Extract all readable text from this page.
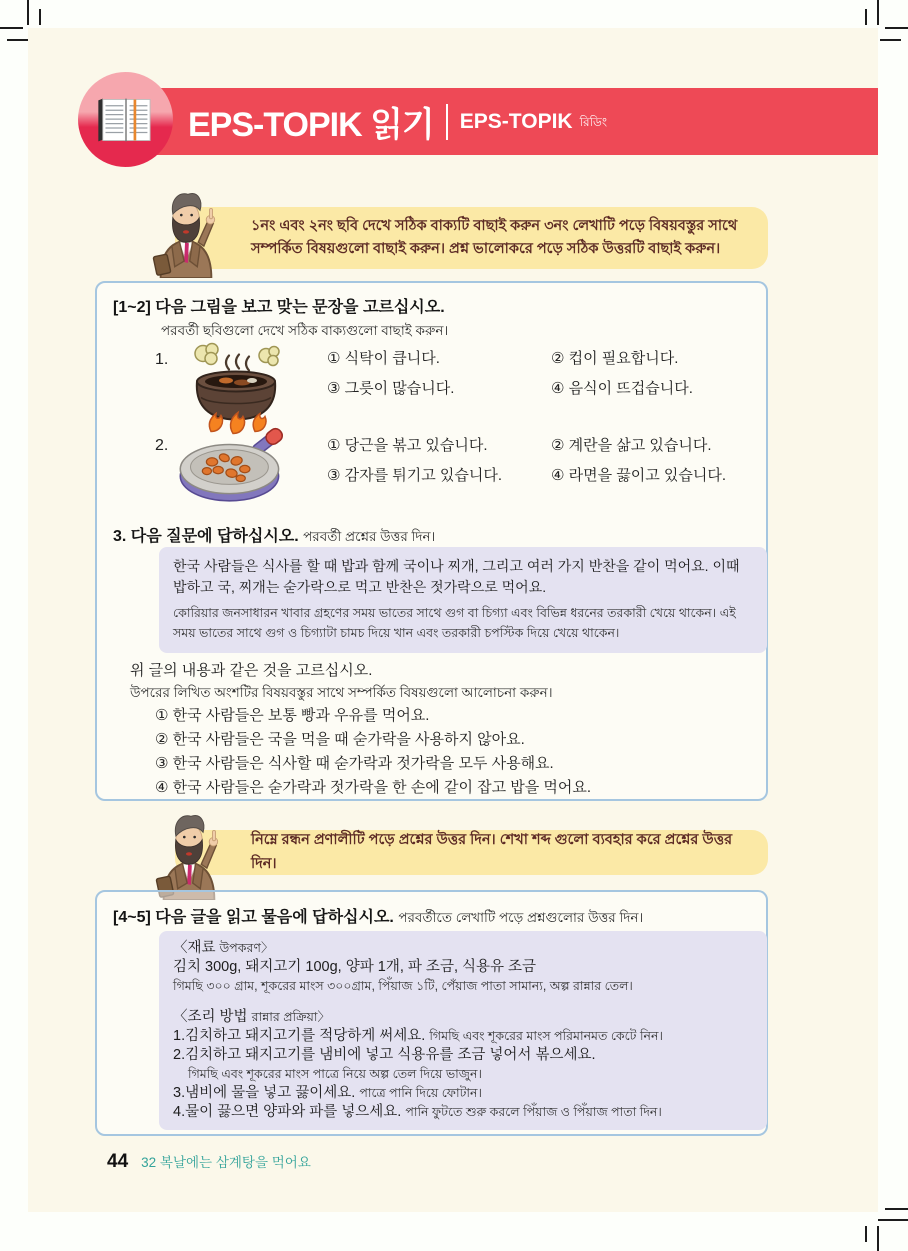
EPS-TOPIK 읽기 EPS-TOPIK রিডিং

১নং এবং ২নং ছবি দেখে সঠিক বাক্যটি বাছাই করুন ৩নং লেখাটি পড়ে বিষয়বস্তুর সাথে সম্পর্কিত বিষয়গুলো বাছাই করুন। প্রশ্ন ভালোকরে পড়ে সঠিক উত্তরটি বাছাই করুন।

[1~2] 다음 그림을 보고 맞는 문장을 고르십시오.
পরবর্তী ছবিগুলো দেখে সঠিক বাক্যগুলো বাছাই করুন।
1.	① 식탁이 큽니다.	② 컵이 필요합니다.
③ 그릇이 많습니다.	④ 음식이 뜨겁습니다.
2.	① 당근을 볶고 있습니다.	② 계란을 삶고 있습니다.
③ 감자를 튀기고 있습니다.	④ 라면을 끓이고 있습니다.
3. 다음 질문에 답하십시오. পরবর্তী প্রশ্নের উত্তর দিন।

한국 사람들은 식사를 할 때 밥과 함께 국이나 찌개, 그리고 여러 가지 반찬을 같이 먹어요. 이때 밥하고 국, 찌개는 숟가락으로 먹고 반찬은 젓가락으로 먹어요.

কোরিয়ার জনসাধারন খাবার গ্রহণের সময় ভাতের সাথে গুগ বা চিগ্যা এবং বিভিন্ন ধরনের তরকারী খেয়ে থাকেন। এই সময় ভাতের সাথে গুগ ও চিগ্যাটা চামচ দিয়ে খান এবং তরকারী চপস্টিক দিয়ে খেয়ে থাকেন।

위 글의 내용과 같은 것을 고르십시오.
উপরের লিখিত অংশটির বিষয়বস্তুর সাথে সম্পর্কিত বিষয়গুলো আলোচনা করুন।
① 한국 사람들은 보통 빵과 우유를 먹어요.
② 한국 사람들은 국을 먹을 때 숟가락을 사용하지 않아요.
③ 한국 사람들은 식사할 때 숟가락과 젓가락을 모두 사용해요.
④ 한국 사람들은 숟가락과 젓가락을 한 손에 같이 잡고 밥을 먹어요.

নিম্নে রন্ধন প্রণালীটি পড়ে প্রশ্নের উত্তর দিন। শেখা শব্দ গুলো ব্যবহার করে প্রশ্নের উত্তর দিন।

[4~5] 다음 글을 읽고 물음에 답하십시오. পরবর্তীতে লেখাটি পড়ে প্রশ্নগুলোর উত্তর দিন।
〈재료 উপকরণ〉
김치 300g, 돼지고기 100g, 양파 1개, 파 조금, 식용유 조금
গিমছি ৩০০ গ্রাম, শূকরের মাংস ৩০০গ্রাম, পিঁয়াজ ১টি, পেঁয়াজ পাতা সামান্য, অল্প রান্নার তেল।
〈조리 방법 রান্নার প্রক্রিয়া〉
1.김치하고 돼지고기를 적당하게 써세요. গিমছি এবং শূকরের মাংস পরিমানমত কেটে নিন।
2.김치하고 돼지고기를 냄비에 넣고 식용유를 조금 넣어서 볶으세요.
গিমছি এবং শূকরের মাংস পাত্রে নিয়ে অল্প তেল দিয়ে ভাজুন।
3.냄비에 물을 넣고 끓이세요. পাত্রে পানি দিয়ে ফোটান।
4.물이 끓으면 양파와 파를 넣으세요. পানি ফুটতে শুরু করলে পিঁয়াজ ও পিঁয়াজ পাতা দিন।
44 32 복날에는 삼계탕을 먹어요
